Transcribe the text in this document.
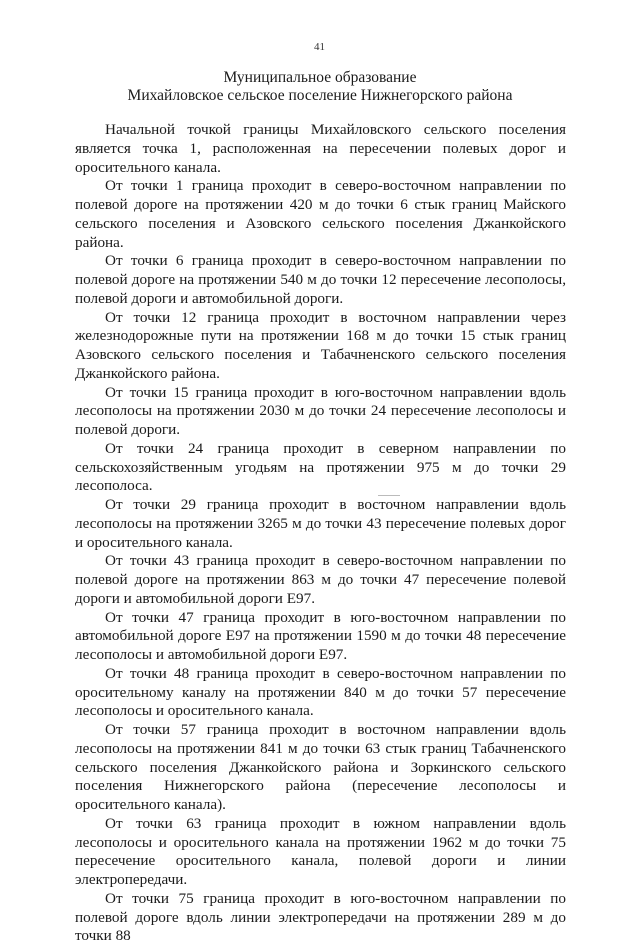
41
Муниципальное образование
Михайловское сельское поселение Нижнегорского района

Начальной точкой границы Михайловского сельского поселения является точка 1, расположенная на пересечении полевых дорог и оросительного канала.

От точки 1 граница проходит в северо-восточном направлении по полевой дороге на протяжении 420 м до точки 6 стык границ Майского сельского поселения и Азовского сельского поселения Джанкойского района.

От точки 6 граница проходит в северо-восточном направлении по полевой дороге на протяжении 540 м до точки 12 пересечение лесополосы, полевой дороги и автомобильной дороги.

От точки 12 граница проходит в восточном направлении через железнодорожные пути на протяжении 168 м до точки 15 стык границ Азовского сельского поселения и Табачненского сельского поселения Джанкойского района.

От точки 15 граница проходит в юго-восточном направлении вдоль лесополосы на протяжении 2030 м до точки 24 пересечение лесополосы и полевой дороги.

От точки 24 граница проходит в северном направлении по сельскохозяйственным угодьям на протяжении 975 м до точки 29 лесополоса.

От точки 29 граница проходит в восточном направлении вдоль лесополосы на протяжении 3265 м до точки 43 пересечение полевых дорог и оросительного канала.

От точки 43 граница проходит в северо-восточном направлении по полевой дороге на протяжении 863 м до точки 47 пересечение полевой дороги и автомобильной дороги Е97.

От точки 47 граница проходит в юго-восточном направлении по автомобильной дороге Е97 на протяжении 1590 м до точки 48 пересечение лесополосы и автомобильной дороги Е97.

От точки 48 граница проходит в северо-восточном направлении по оросительному каналу на протяжении 840 м до точки 57 пересечение лесополосы и оросительного канала.

От точки 57 граница проходит в восточном направлении вдоль лесополосы на протяжении 841 м до точки 63 стык границ Табачненского сельского поселения Джанкойского района и Зоркинского сельского поселения Нижнегорского района (пересечение лесополосы и оросительного канала).

От точки 63 граница проходит в южном направлении вдоль лесополосы и оросительного канала на протяжении 1962 м до точки 75 пересечение оросительного канала, полевой дороги и линии электропередачи.

От точки 75 граница проходит в юго-восточном направлении по полевой дороге вдоль линии электропередачи на протяжении 289 м до точки 88
